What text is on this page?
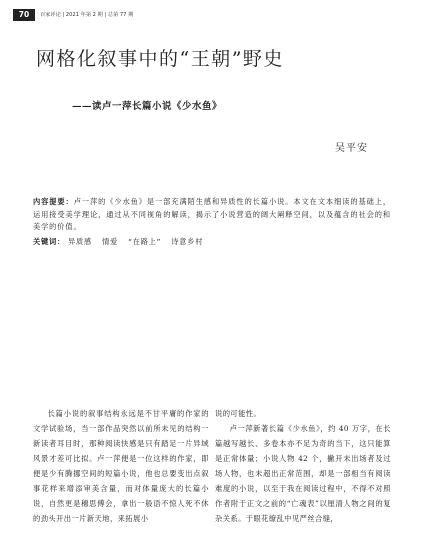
70	百家评论 | 2021 年第 2 期 | 总第 77 期
网格化叙事中的“王朝”野史
——读卢一萍长篇小说《少水鱼》
吴平安
内容提要：卢一萍的《少水鱼》是一部充满陌生感和异质性的长篇小说。本文在文本细读的基础上，运用接受美学理论，通过从不同视角的解读，揭示了小说营造的阔大阐释空间，以及蕴含的社会的和美学的价值。
关键词： 异质感 情爱 “在路上” 诗意乡村

长篇小说的叙事结构永远是不甘平庸的作家的文学试验场，当一部作品突然以前所未见的结构一新读者耳目时，那种阅读快感是只有踏足一片异域风景才差可比拟。卢一萍便是一位这样的作家，即便是少有腾挪空间的短篇小说，他也总要变出点叙事花样来增添审美含量，而对体量庞大的长篇小说，自然更是穗思傅会，拿出一般语不惊人死不休的劲头开出一片新天地，来拓展小

说的可能性。

卢一萍新著长篇《少水鱼》，约 40 万字，在长篇越写越长、多卷本亦不足为奇的当下，这只能算是正常体量；小说人物 42 个，撇开未出场者及过场人物，也未超出正常范围，却是一部相当有阅读难度的小说，以至于我在阅读过程中，不得不对照作者附于正文之前的“亡魂表”以厘清人物之间的复杂关系。于眼花缭乱中见严丝合缝，
